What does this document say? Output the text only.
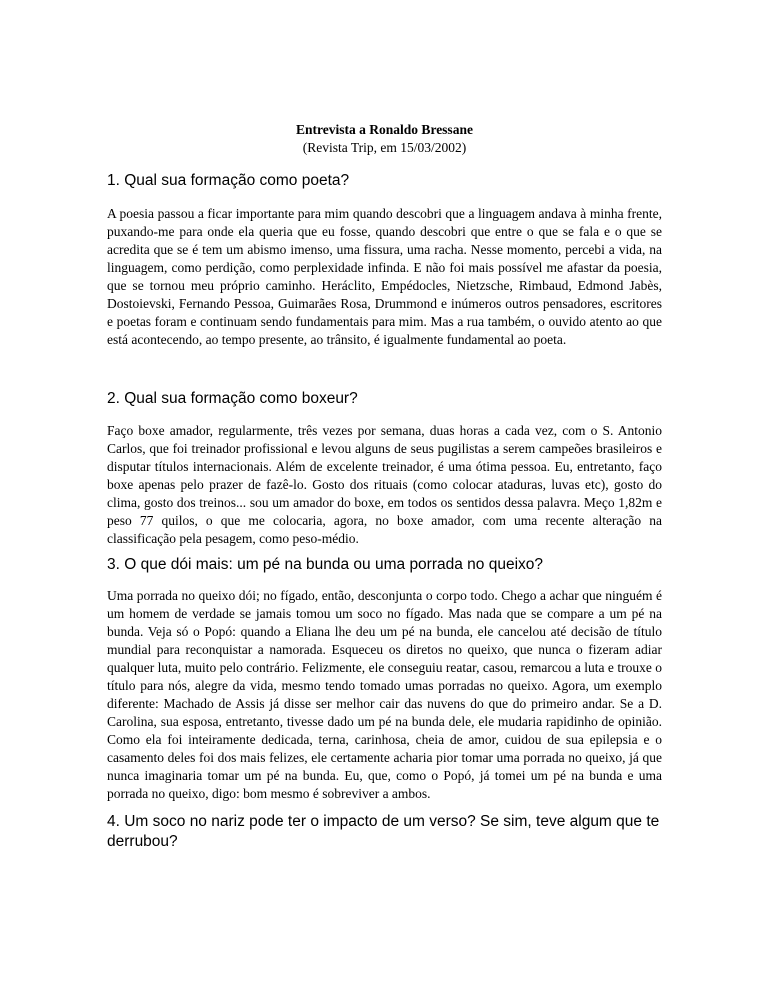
Entrevista a Ronaldo Bressane
(Revista Trip, em 15/03/2002)
1. Qual sua formação como poeta?

A poesia passou a ficar importante para mim quando descobri que a linguagem andava à minha frente, puxando-me para onde ela queria que eu fosse, quando descobri que entre o que se fala e o que se acredita que se é tem um abismo imenso, uma fissura, uma racha. Nesse momento, percebi a vida, na linguagem, como perdição, como perplexidade infinda. E não foi mais possível me afastar da poesia, que se tornou meu próprio caminho. Heráclito, Empédocles, Nietzsche, Rimbaud, Edmond Jabès, Dostoievski, Fernando Pessoa, Guimarães Rosa, Drummond e inúmeros outros pensadores, escritores e poetas foram e continuam sendo fundamentais para mim. Mas a rua também, o ouvido atento ao que está acontecendo, ao tempo presente, ao trânsito, é igualmente fundamental ao poeta.

2. Qual sua formação como boxeur?

Faço boxe amador, regularmente, três vezes por semana, duas horas a cada vez, com o S. Antonio Carlos, que foi treinador profissional e levou alguns de seus pugilistas a serem campeões brasileiros e disputar títulos internacionais. Além de excelente treinador, é uma ótima pessoa. Eu, entretanto, faço boxe apenas pelo prazer de fazê-lo. Gosto dos rituais (como colocar ataduras, luvas etc), gosto do clima, gosto dos treinos... sou um amador do boxe, em todos os sentidos dessa palavra. Meço 1,82m e peso 77 quilos, o que me colocaria, agora, no boxe amador, com uma recente alteração na classificação pela pesagem, como peso-médio.

3. O que dói mais: um pé na bunda ou uma porrada no queixo?

Uma porrada no queixo dói; no fígado, então, desconjunta o corpo todo. Chego a achar que ninguém é um homem de verdade se jamais tomou um soco no fígado. Mas nada que se compare a um pé na bunda. Veja só o Popó: quando a Eliana lhe deu um pé na bunda, ele cancelou até decisão de título mundial para reconquistar a namorada. Esqueceu os diretos no queixo, que nunca o fizeram adiar qualquer luta, muito pelo contrário. Felizmente, ele conseguiu reatar, casou, remarcou a luta e trouxe o título para nós, alegre da vida, mesmo tendo tomado umas porradas no queixo. Agora, um exemplo diferente: Machado de Assis já disse ser melhor cair das nuvens do que do primeiro andar. Se a D. Carolina, sua esposa, entretanto, tivesse dado um pé na bunda dele, ele mudaria rapidinho de opinião. Como ela foi inteiramente dedicada, terna, carinhosa, cheia de amor, cuidou de sua epilepsia e o casamento deles foi dos mais felizes, ele certamente acharia pior tomar uma porrada no queixo, já que nunca imaginaria tomar um pé na bunda. Eu, que, como o Popó, já tomei um pé na bunda e uma porrada no queixo, digo: bom mesmo é sobreviver a ambos.

4. Um soco no nariz pode ter o impacto de um verso? Se sim, teve algum que te derrubou?
